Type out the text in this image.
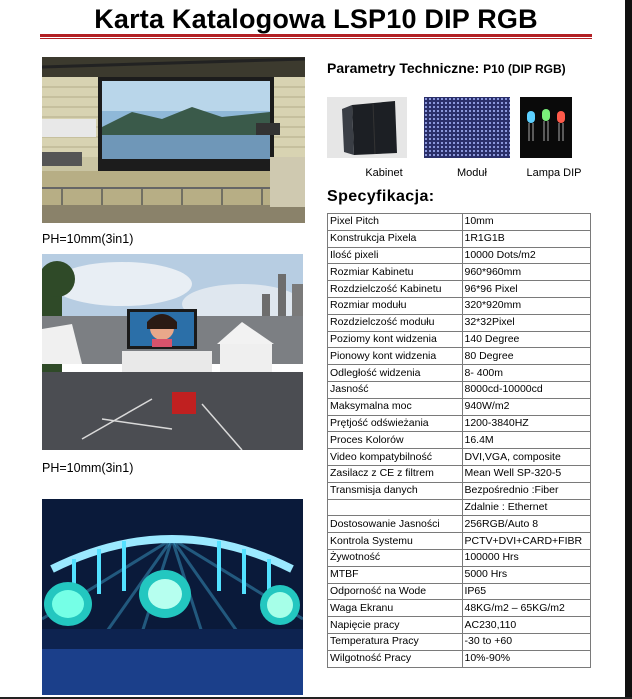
Karta Katalogowa LSP10 DIP RGB
PH=10mm(3in1)
PH=10mm(3in1)
Parametry Techniczne: P10 (DIP RGB)
Kabinet	Moduł	Lampa DIP
Specyfikacja:
Pixel Pitch	10mm
Konstrukcja Pixela	1R1G1B
Ilość pixeli	10000 Dots/m2
Rozmiar Kabinetu	960*960mm
Rozdzielczość Kabinetu	96*96 Pixel
Rozmiar modułu	320*920mm
Rozdzielczość modułu	32*32Pixel
Poziomy kont widzenia	140 Degree
Pionowy kont widzenia	80 Degree
Odległość widzenia	8- 400m
Jasność	8000cd-10000cd
Maksymalna moc	940W/m2
Prętjość odświeżania	1200-3840HZ
Proces Kolorów	16.4M
Video kompatybilność	DVI,VGA, composite
Zasilacz z CE z filtrem	Mean Well SP-320-5
Transmisja danych	Bezpośrednio :Fiber
	Zdalnie : Ethernet
Dostosowanie Jasności	256RGB/Auto 8
Kontrola Systemu	PCTV+DVI+CARD+FIBR
Żywotność	100000 Hrs
MTBF	5000 Hrs
Odporność na Wode	IP65
Waga Ekranu	48KG/m2 – 65KG/m2
Napięcie pracy	AC230,110
Temperatura Pracy	-30 to +60
Wilgotność Pracy	10%-90%
